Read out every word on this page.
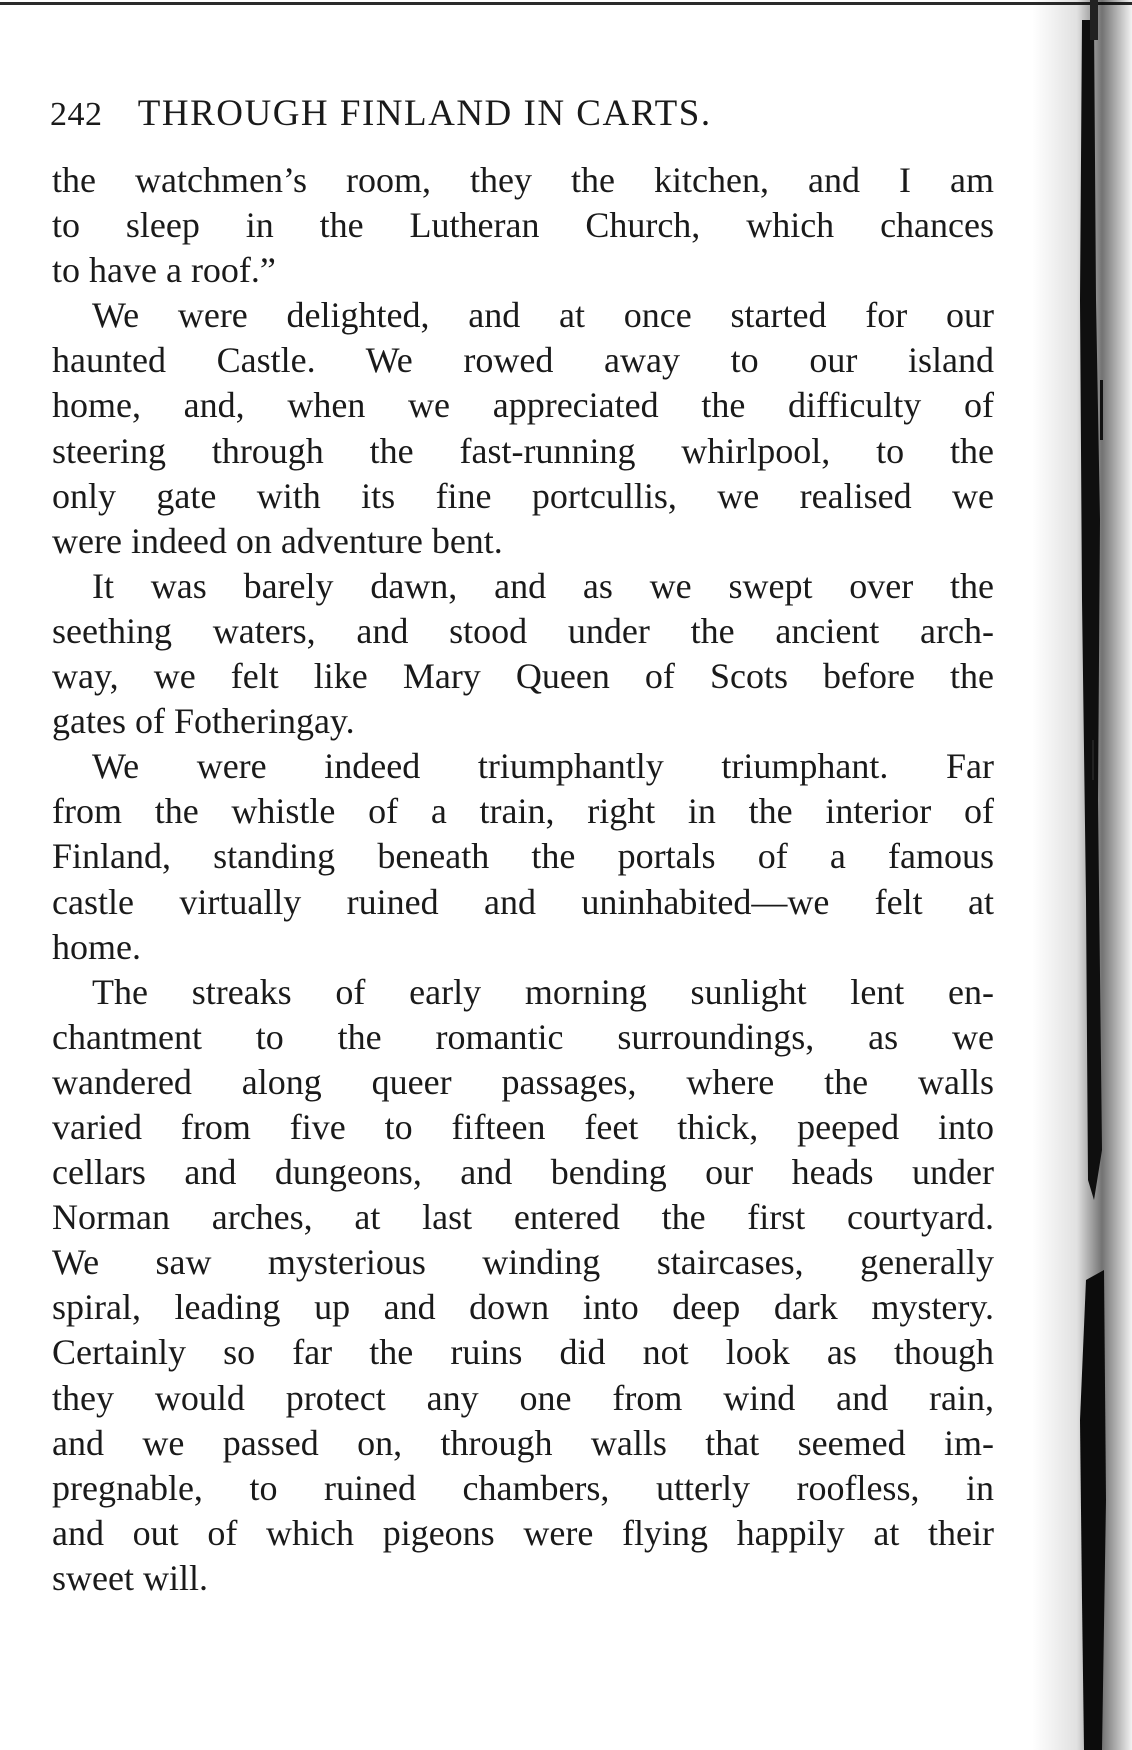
242 THROUGH FINLAND IN CARTS.
the watchmen’s room, they the kitchen, and I am
to sleep in the Lutheran Church, which chances
to have a roof.”
We were delighted, and at once started for our
haunted Castle. We rowed away to our island
home, and, when we appreciated the difficulty of
steering through the fast-running whirlpool, to the
only gate with its fine portcullis, we realised we
were indeed on adventure bent.
It was barely dawn, and as we swept over the
seething waters, and stood under the ancient arch-
way, we felt like Mary Queen of Scots before the
gates of Fotheringay.
We were indeed triumphantly triumphant. Far
from the whistle of a train, right in the interior of
Finland, standing beneath the portals of a famous
castle virtually ruined and uninhabited—we felt at
home.
The streaks of early morning sunlight lent en-
chantment to the romantic surroundings, as we
wandered along queer passages, where the walls
varied from five to fifteen feet thick, peeped into
cellars and dungeons, and bending our heads under
Norman arches, at last entered the first courtyard.
We saw mysterious winding staircases, generally
spiral, leading up and down into deep dark mystery.
Certainly so far the ruins did not look as though
they would protect any one from wind and rain,
and we passed on, through walls that seemed im-
pregnable, to ruined chambers, utterly roofless, in
and out of which pigeons were flying happily at their
sweet will.
